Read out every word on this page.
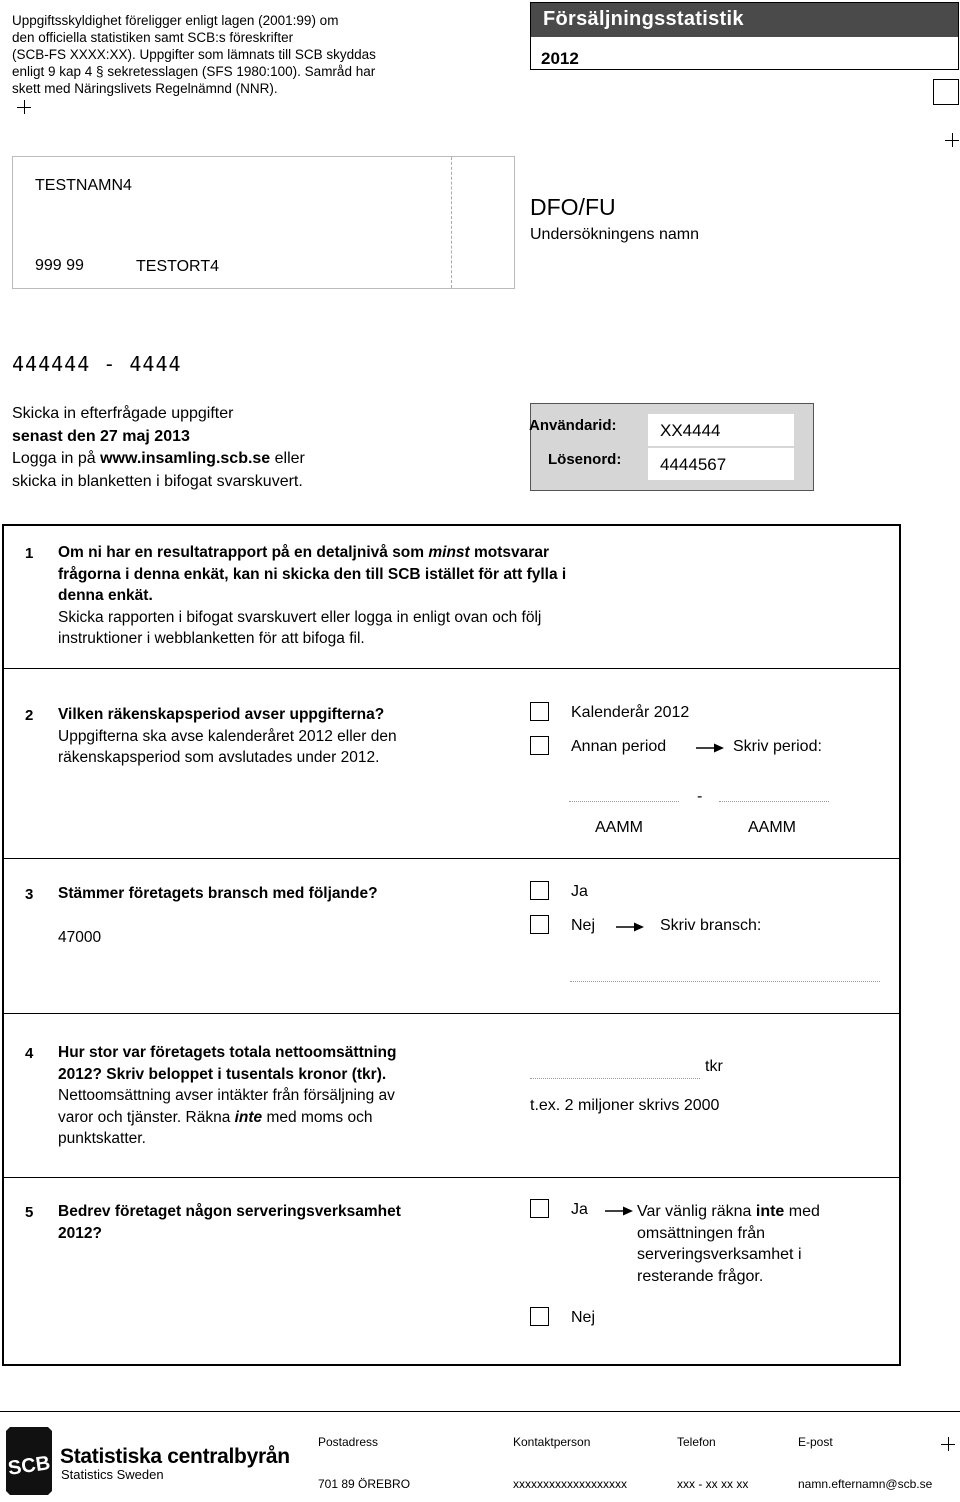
Uppgiftsskyldighet föreligger enligt lagen (2001:99) om
den officiella statistiken samt SCB:s föreskrifter
(SCB-FS XXXX:XX). Uppgifter som lämnats till SCB skyddas
enligt 9 kap 4 § sekretesslagen (SFS 1980:100). Samråd har
skett med Näringslivets Regelnämnd (NNR).
Försäljningsstatistik
2012
TESTNAMN4
999 99	TESTORT4
DFO/FU
Undersökningens namn
444444 - 4444
Skicka in efterfrågade uppgifter
senast den 27 maj 2013
Logga in på www.insamling.scb.se eller
skicka in blanketten i bifogat svarskuvert.
Användarid:	XX4444
Lösenord:	4444567
1 Om ni har en resultatrapport på en detaljnivå som minst motsvarar
frågorna i denna enkät, kan ni skicka den till SCB istället för att fylla i
denna enkät.
Skicka rapporten i bifogat svarskuvert eller logga in enligt ovan och följ
instruktioner i webblanketten för att bifoga fil.
2 Vilken räkenskapsperiod avser uppgifterna?
Uppgifterna ska avse kalenderåret 2012 eller den
räkenskapsperiod som avslutades under 2012.
Kalenderår 2012
Annan period	Skriv period:
-
AAMM	AAMM
3 Stämmer företagets bransch med följande?
47000
Ja
Nej	Skriv bransch:
4 Hur stor var företagets totala nettoomsättning
2012? Skriv beloppet i tusentals kronor (tkr).
Nettoomsättning avser intäkter från försäljning av
varor och tjänster. Räkna inte med moms och
punktskatter.
tkr
t.ex. 2 miljoner skrivs 2000
5 Bedrev företaget någon serveringsverksamhet
2012?
Ja	Var vänlig räkna inte med
omsättningen från
serveringsverksamhet i
resterande frågor.
Nej
SCB Statistiska centralbyrån
Statistics Sweden
Postadress
701 89 ÖREBRO
Kontaktperson
xxxxxxxxxxxxxxxxxxx
Telefon
xxx - xx xx xx
E-post
namn.efternamn@scb.se
